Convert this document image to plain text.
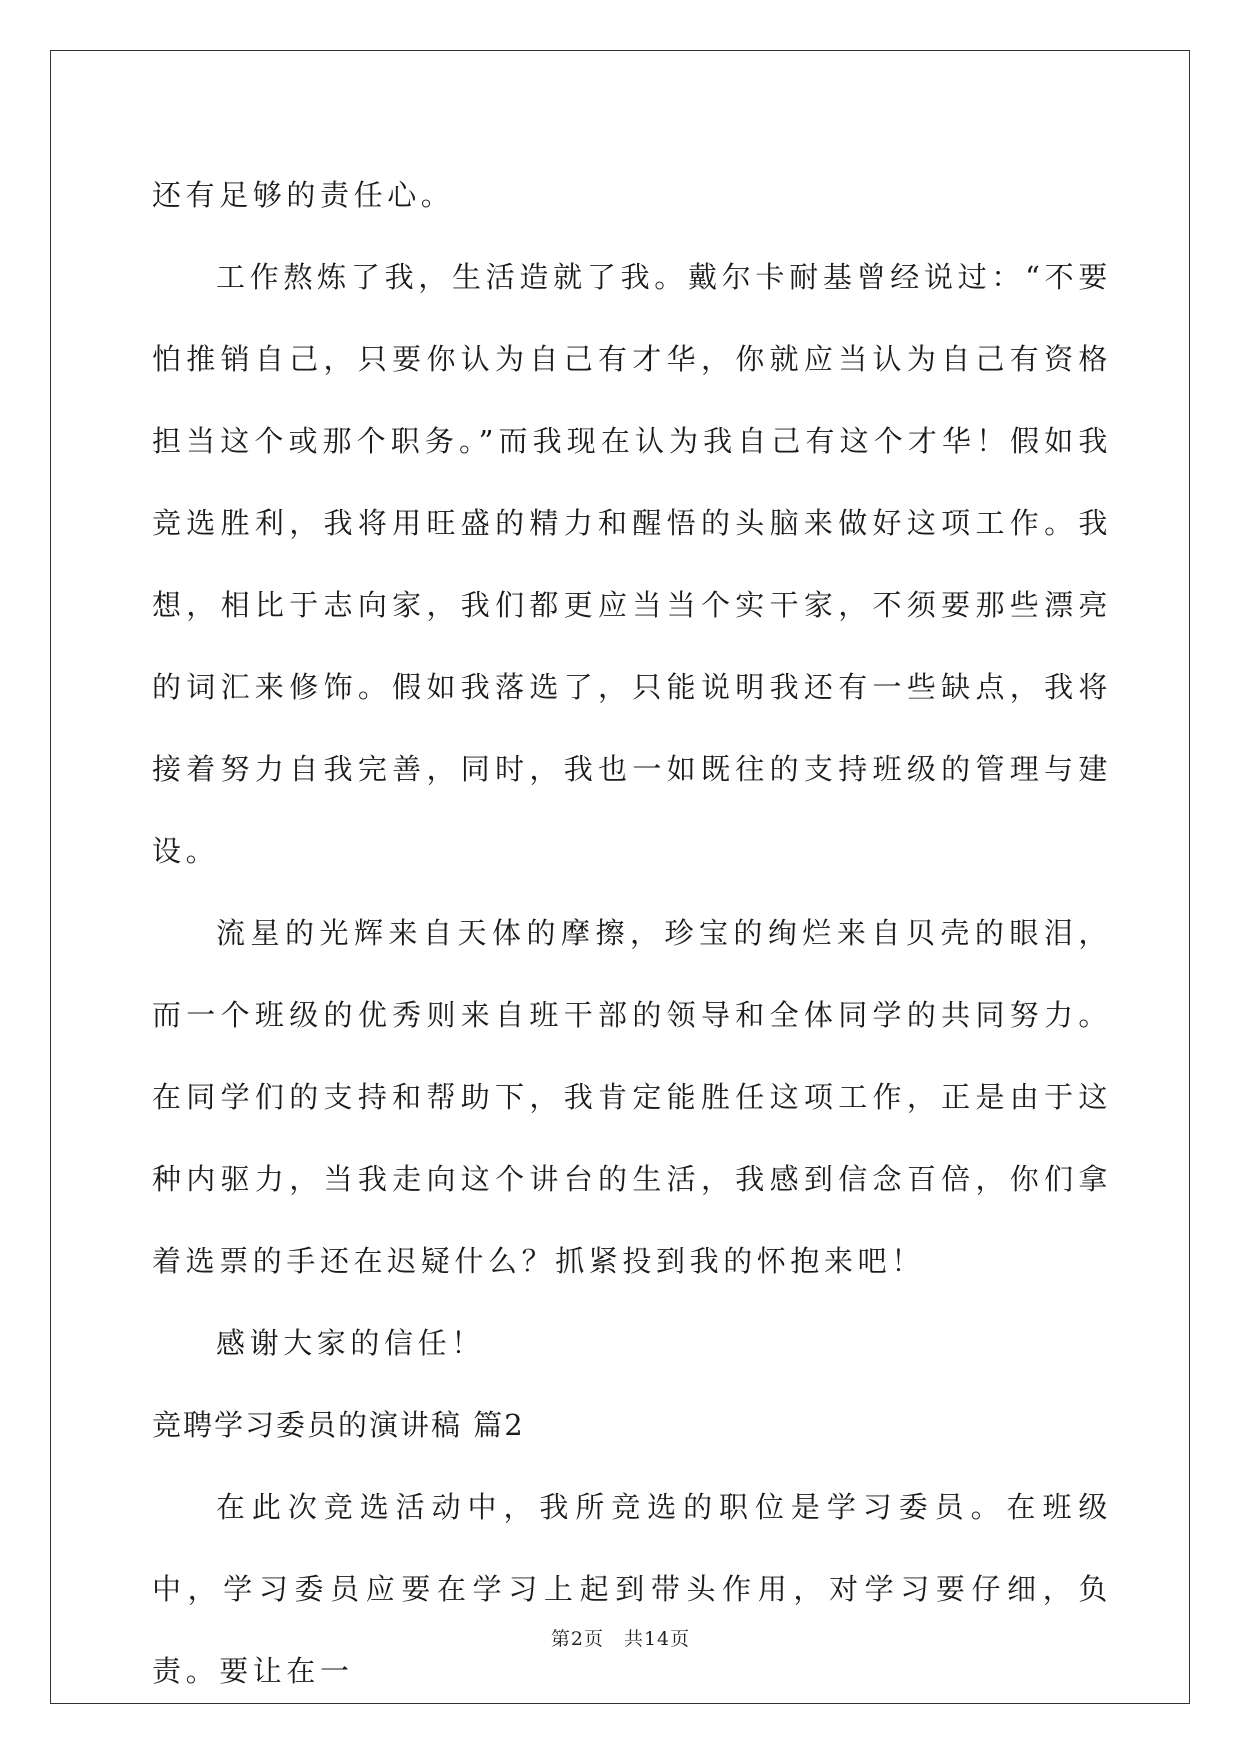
还有足够的责任心。

工作熬炼了我，生活造就了我。戴尔卡耐基曾经说过：“不要怕推销自己，只要你认为自己有才华，你就应当认为自己有资格担当这个或那个职务。”而我现在认为我自己有这个才华！假如我竞选胜利，我将用旺盛的精力和醒悟的头脑来做好这项工作。我想，相比于志向家，我们都更应当当个实干家，不须要那些漂亮的词汇来修饰。假如我落选了，只能说明我还有一些缺点，我将接着努力自我完善，同时，我也一如既往的支持班级的管理与建设。

流星的光辉来自天体的摩擦，珍宝的绚烂来自贝壳的眼泪，而一个班级的优秀则来自班干部的领导和全体同学的共同努力。在同学们的支持和帮助下，我肯定能胜任这项工作，正是由于这种内驱力，当我走向这个讲台的生活，我感到信念百倍，你们拿着选票的手还在迟疑什么？抓紧投到我的怀抱来吧！

感谢大家的信任！

竞聘学习委员的演讲稿 篇2

在此次竞选活动中，我所竞选的职位是学习委员。在班级中，学习委员应要在学习上起到带头作用，对学习要仔细，负责。要让在一

第2页　共14页
